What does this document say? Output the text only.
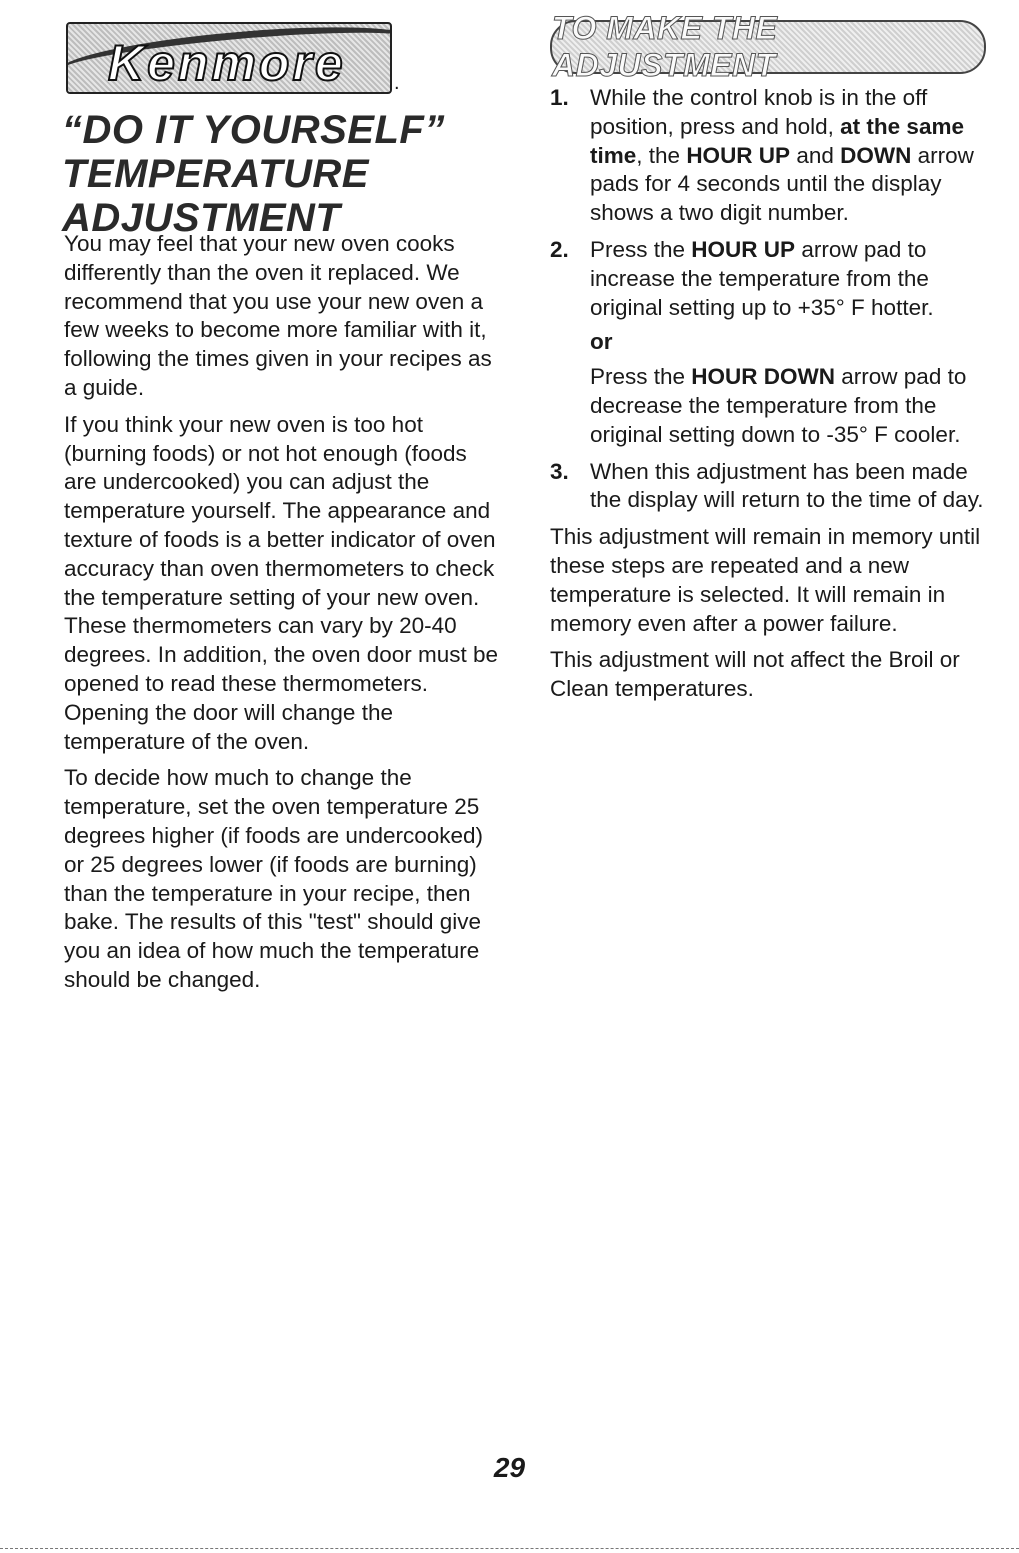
Kenmore .
“DO IT YOURSELF”
TEMPERATURE
ADJUSTMENT

You may feel that your new oven cooks differently than the oven it replaced. We recommend that you use your new oven a few weeks to become more familiar with it, following the times given in your recipes as a guide.

If you think your new oven is too hot (burning foods) or not hot enough (foods are undercooked) you can adjust the temperature yourself. The appearance and texture of foods is a better indicator of oven accuracy than oven thermometers to check the temperature setting of your new oven. These thermometers can vary by 20-40 degrees. In addition, the oven door must be opened to read these thermometers. Opening the door will change the temperature of the oven.

To decide how much to change the temperature, set the oven temperature 25 degrees higher (if foods are undercooked) or 25 degrees lower (if foods are burning) than the temperature in your recipe, then bake. The results of this "test" should give you an idea of how much the temperature should be changed.

TO MAKE THE ADJUSTMENT
1. While the control knob is in the off position, press and hold, at the same time, the HOUR UP and DOWN arrow pads for 4 seconds until the display shows a two digit number.
2. Press the HOUR UP arrow pad to increase the temperature from the original setting up to +35° F hotter.
or
Press the HOUR DOWN arrow pad to decrease the temperature from the original setting down to -35° F cooler.
3. When this adjustment has been made the display will return to the time of day.

This adjustment will remain in memory until these steps are repeated and a new temperature is selected. It will remain in memory even after a power failure.

This adjustment will not affect the Broil or Clean temperatures.

29
